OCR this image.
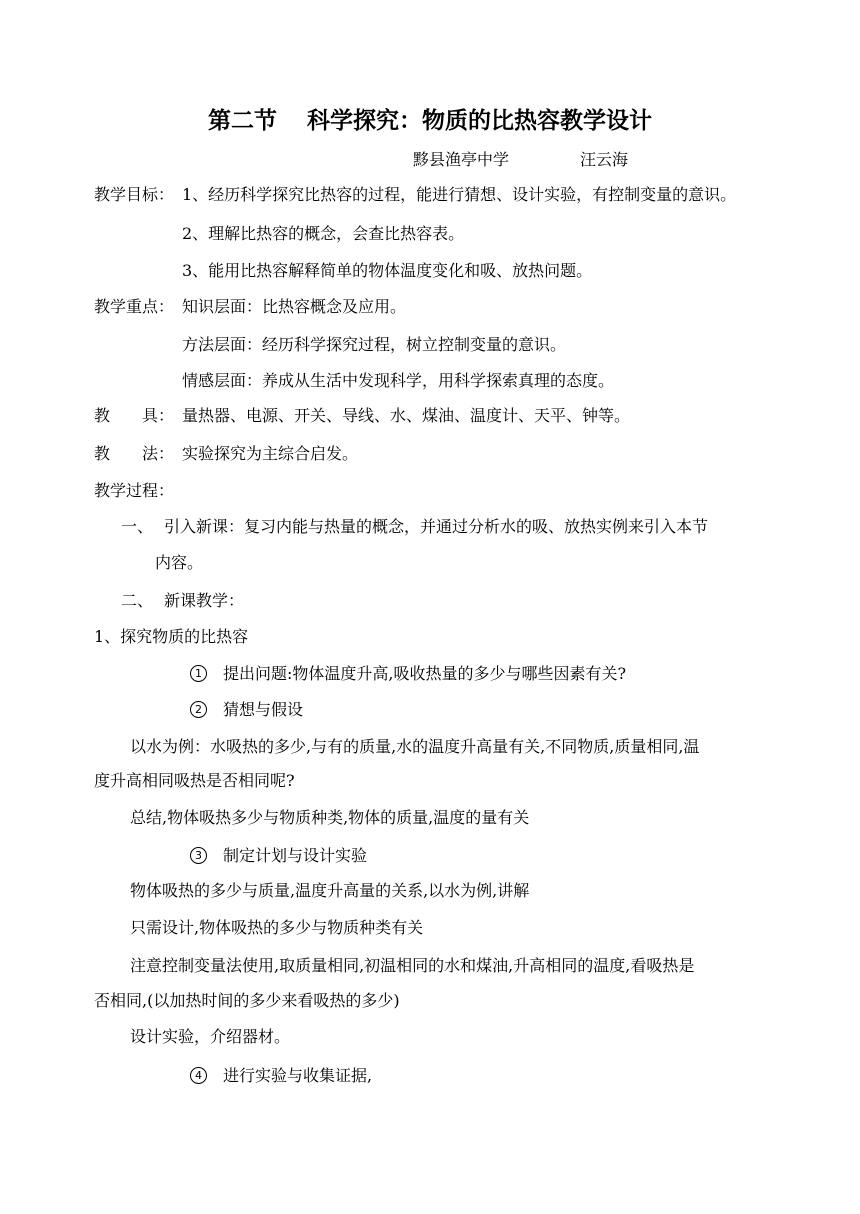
第二节 科学探究：物质的比热容教学设计
黟县渔亭中学	汪云海
教学目标： 1、经历科学探究比热容的过程，能进行猜想、设计实验，有控制变量的意识。
2、理解比热容的概念，会查比热容表。
3、能用比热容解释简单的物体温度变化和吸、放热问题。
教学重点： 知识层面：比热容概念及应用。
方法层面：经历科学探究过程，树立控制变量的意识。
情感层面：养成从生活中发现科学，用科学探索真理的态度。
教　　具： 量热器、电源、开关、导线、水、煤油、温度计、天平、钟等。
教　　法： 实验探究为主综合启发。
教学过程：
一、 引入新课：复习内能与热量的概念，并通过分析水的吸、放热实例来引入本节
内容。
二、 新课教学：
1、探究物质的比热容
1 提出问题:物体温度升高,吸收热量的多少与哪些因素有关?
2 猜想与假设
以水为例：水吸热的多少,与有的质量,水的温度升高量有关,不同物质,质量相同,温
度升高相同吸热是否相同呢?
总结,物体吸热多少与物质种类,物体的质量,温度的量有关
3 制定计划与设计实验
物体吸热的多少与质量,温度升高量的关系,以水为例,讲解
只需设计,物体吸热的多少与物质种类有关
注意控制变量法使用,取质量相同,初温相同的水和煤油,升高相同的温度,看吸热是
否相同,(以加热时间的多少来看吸热的多少)
设计实验，介绍器材。
4 进行实验与收集证据,
